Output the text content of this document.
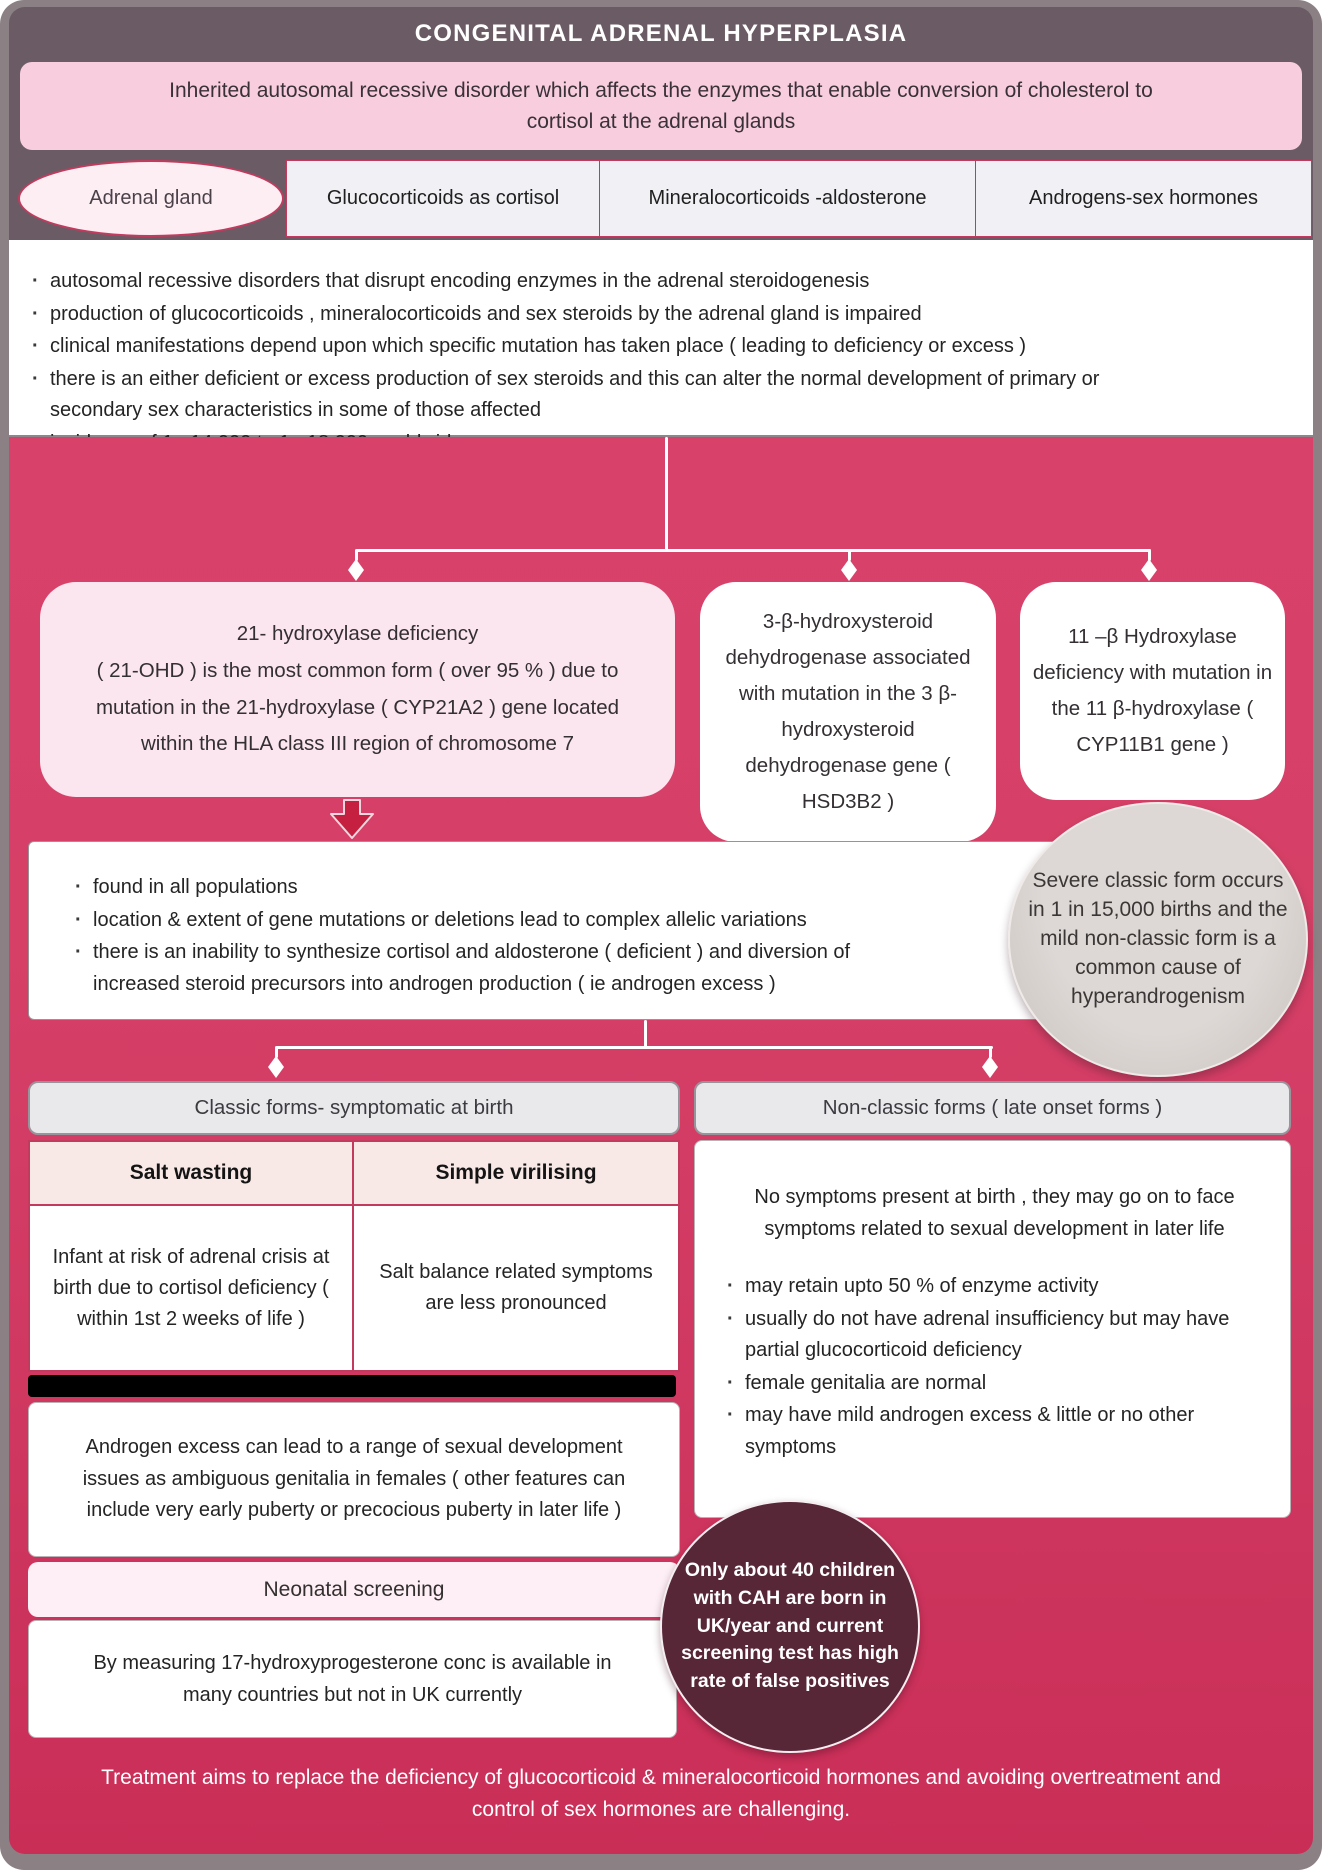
CONGENITAL ADRENAL HYPERPLASIA
Inherited autosomal recessive disorder which affects the enzymes that enable conversion of cholesterol to cortisol at the adrenal glands
Adrenal gland	Glucocorticoids as cortisol	Mineralocorticoids -aldosterone	Androgens-sex hormones
· autosomal recessive disorders that disrupt encoding enzymes in the adrenal steroidogenesis
· production of glucocorticoids , mineralocorticoids and sex steroids by the adrenal gland is impaired
· clinical manifestations depend upon which specific mutation has taken place ( leading to deficiency or excess )
· there is an either deficient or excess production of sex steroids and this can alter the normal development of primary or secondary sex characteristics in some of those affected
·
·
21- hydroxylase deficiency
( 21-OHD ) is the most common form ( over 95 % ) due to mutation in the 21-hydroxylase ( CYP21A2 ) gene located within the HLA class III region of chromosome 7
3-β-hydroxysteroid dehydrogenase associated with mutation in the 3 β-hydroxysteroid dehydrogenase gene ( HSD3B2 )
11 –β Hydroxylase deficiency with mutation in the 11 β-hydroxylase ( CYP11B1 gene )
· found in all populations
· location & extent of gene mutations or deletions lead to complex allelic variations
· there is an inability to synthesize cortisol and aldosterone ( deficient ) and diversion of increased steroid precursors into androgen production ( ie androgen excess )
Severe classic form occurs in 1 in 15,000 births and the mild non-classic form is a common cause of hyperandrogenism
Classic forms- symptomatic at birth
Salt wasting	Simple virilising
Infant at risk of adrenal crisis at birth due to cortisol deficiency ( within 1st 2 weeks of life )
Salt balance related symptoms are less pronounced
Androgen excess can lead to a range of sexual development issues as ambiguous genitalia in females ( other features can include very early puberty or precocious puberty in later life )
Neonatal screening
By measuring 17-hydroxyprogesterone conc is available in many countries but not in UK currently
Non-classic forms ( late onset forms )

No symptoms present at birth , they may go on to face symptoms related to sexual development in later life

· may retain upto 50 % of enzyme activity
· usually do not have adrenal insufficiency but may have partial glucocorticoid deficiency
· female genitalia are normal
· may have mild androgen excess & little or no other symptoms
Only about 40 children with CAH are born in UK/year and current screening test has high rate of false positives
Treatment aims to replace the deficiency of glucocorticoid & mineralocorticoid hormones and avoiding overtreatment and control of sex hormones are challenging.
